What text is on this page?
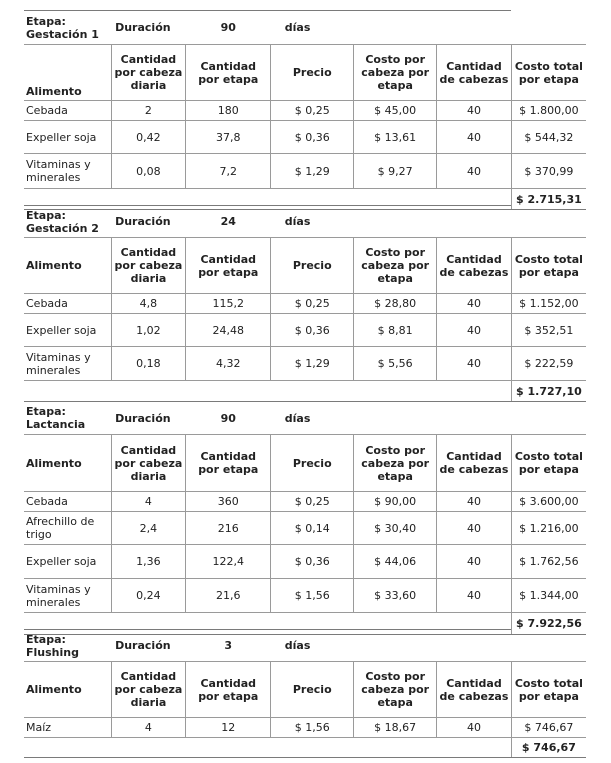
Etapa: Gestación 1	Duración	90	días			
Alimento	Cantidad por cabeza diaria	Cantidad por etapa	Precio	Costo por cabeza por etapa	Cantidad de cabezas	Costo total por etapa
Cebada	2	180	$ 0,25	$ 45,00	40	$ 1.800,00
Expeller soja	0,42	37,8	$ 0,36	$ 13,61	40	$ 544,32
Vitaminas y minerales	0,08	7,2	$ 1,29	$ 9,27	40	$ 370,99
						$ 2.715,31
Etapa: Gestación 2	Duración	24	días			
Alimento	Cantidad por cabeza diaria	Cantidad por etapa	Precio	Costo por cabeza por etapa	Cantidad de cabezas	Costo total por etapa
Cebada	4,8	115,2	$ 0,25	$ 28,80	40	$ 1.152,00
Expeller soja	1,02	24,48	$ 0,36	$ 8,81	40	$ 352,51
Vitaminas y minerales	0,18	4,32	$ 1,29	$ 5,56	40	$ 222,59
						$ 1.727,10
Etapa: Lactancia	Duración	90	días			
Alimento	Cantidad por cabeza diaria	Cantidad por etapa	Precio	Costo por cabeza por etapa	Cantidad de cabezas	Costo total por etapa
Cebada	4	360	$ 0,25	$ 90,00	40	$ 3.600,00
Afrechillo de trigo	2,4	216	$ 0,14	$ 30,40	40	$ 1.216,00
Expeller soja	1,36	122,4	$ 0,36	$ 44,06	40	$ 1.762,56
Vitaminas y minerales	0,24	21,6	$ 1,56	$ 33,60	40	$ 1.344,00
						$ 7.922,56
Etapa: Flushing	Duración	3	días			
Alimento	Cantidad por cabeza diaria	Cantidad por etapa	Precio	Costo por cabeza por etapa	Cantidad de cabezas	Costo total por etapa
Maíz	4	12	$ 1,56	$ 18,67	40	$ 746,67
						$ 746,67
